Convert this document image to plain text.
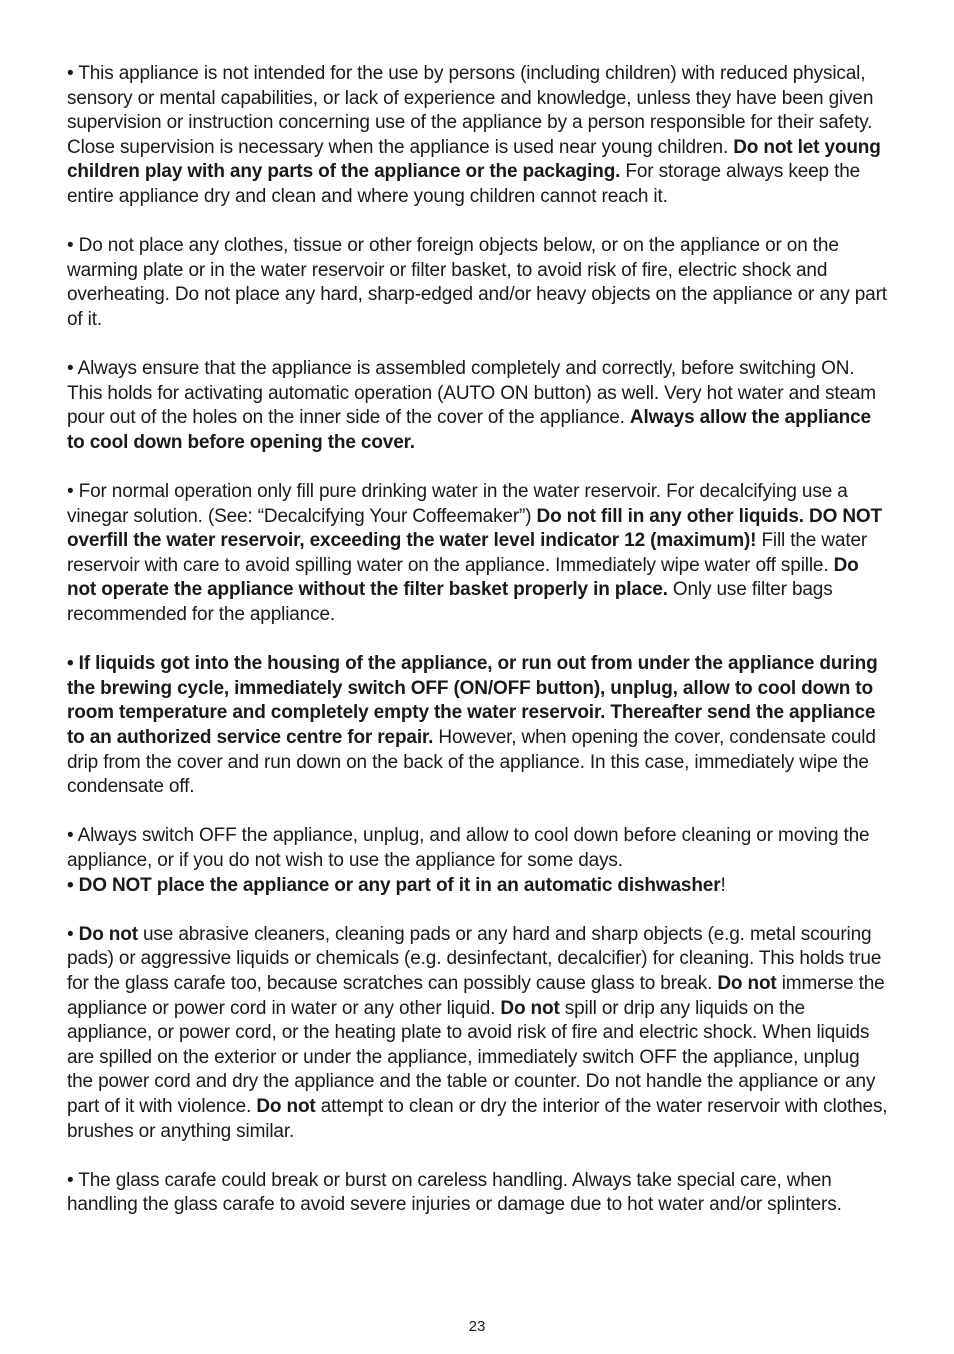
• This appliance is not intended for the use by persons (including children) with reduced physical, sensory or mental capabilities, or lack of experience and knowledge, unless they have been given supervision or instruction concerning use of the appliance by a person responsible for their safety. Close supervision is necessary when the appliance is used near young children. Do not let young children play with any parts of the appliance or the packaging. For storage always keep the entire appliance dry and clean and where young children cannot reach it.

• Do not place any clothes, tissue or other foreign objects below, or on the appliance or on the warming plate or in the water reservoir or filter basket, to avoid risk of fire, electric shock and overheating. Do not place any hard, sharp-edged and/or heavy objects on the appliance or any part of it.

• Always ensure that the appliance is assembled completely and correctly, before switching ON. This holds for activating automatic operation (AUTO ON button) as well. Very hot water and steam pour out of the holes on the inner side of the cover of the appliance. Always allow the appliance to cool down before opening the cover.

• For normal operation only fill pure drinking water in the water reservoir. For decalcifying use a vinegar solution. (See: “Decalcifying Your Coffeemaker”) Do not fill in any other liquids. DO NOT overfill the water reservoir, exceeding the water level indicator 12 (maximum)! Fill the water reservoir with care to avoid spilling water on the appliance. Immediately wipe water off spille. Do not operate the appliance without the filter basket properly in place. Only use filter bags recommended for the appliance.

• If liquids got into the housing of the appliance, or run out from under the appliance during the brewing cycle, immediately switch OFF (ON/OFF button), unplug, allow to cool down to room temperature and completely empty the water reservoir. Thereafter send the appliance to an authorized service centre for repair. However, when opening the cover, condensate could drip from the cover and run down on the back of the appliance. In this case, immediately wipe the condensate off.

• Always switch OFF the appliance, unplug, and allow to cool down before cleaning or moving the appliance, or if you do not wish to use the appliance for some days.

• DO NOT place the appliance or any part of it in an automatic dishwasher!

• Do not use abrasive cleaners, cleaning pads or any hard and sharp objects (e.g. metal scouring pads) or aggressive liquids or chemicals (e.g. desinfectant, decalcifier) for cleaning. This holds true for the glass carafe too, because scratches can possibly cause glass to break. Do not immerse the appliance or power cord in water or any other liquid. Do not spill or drip any liquids on the appliance, or power cord, or the heating plate to avoid risk of fire and electric shock. When liquids are spilled on the exterior or under the appliance, immediately switch OFF the appliance, unplug the power cord and dry the appliance and the table or counter. Do not handle the appliance or any part of it with violence. Do not attempt to clean or dry the interior of the water reservoir with clothes, brushes or anything similar.

• The glass carafe could break or burst on careless handling. Always take special care, when handling the glass carafe to avoid severe injuries or damage due to hot water and/or splinters.

23
